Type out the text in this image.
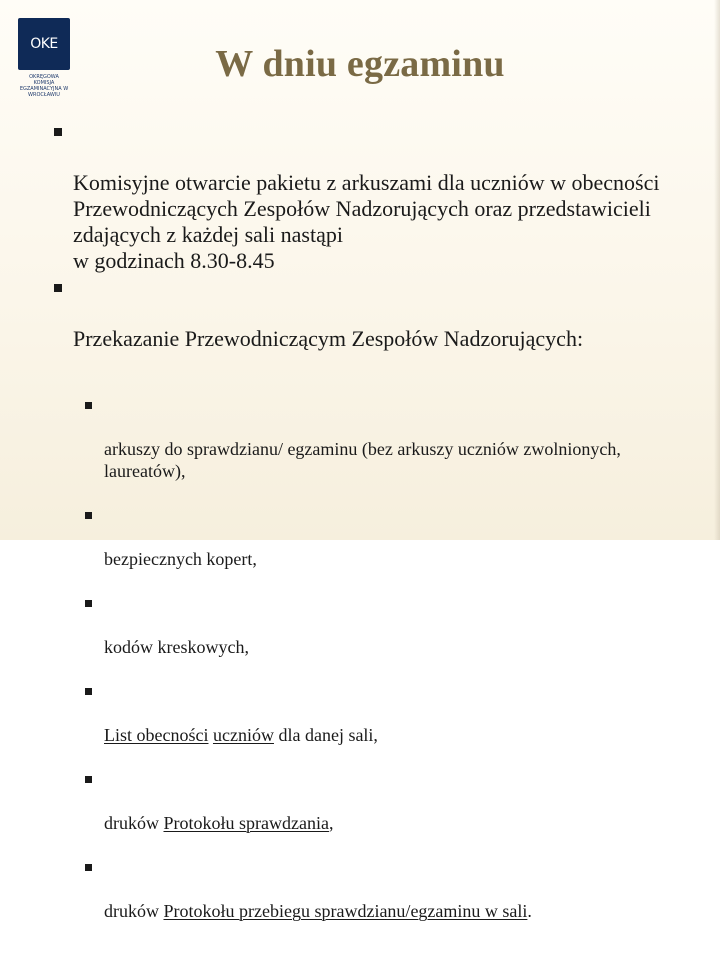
OKE
OKRĘGOWA KOMISJA EGZAMINACYJNA W WROCŁAWIU
W dniu egzaminu

Komisyjne otwarcie pakietu z arkuszami dla uczniów w obecności Przewodniczących Zespołów Nadzorujących oraz przedstawicieli zdających z każdej sali nastąpi
w godzinach 8.30-8.45

Przekazanie Przewodniczącym Zespołów Nadzorujących:

arkuszy do sprawdzianu/ egzaminu (bez arkuszy uczniów zwolnionych, laureatów),

bezpiecznych kopert,

kodów kreskowych,

List obecności uczniów dla danej sali,

druków Protokołu sprawdzania,

druków Protokołu przebiegu sprawdzianu/egzaminu w sali.
